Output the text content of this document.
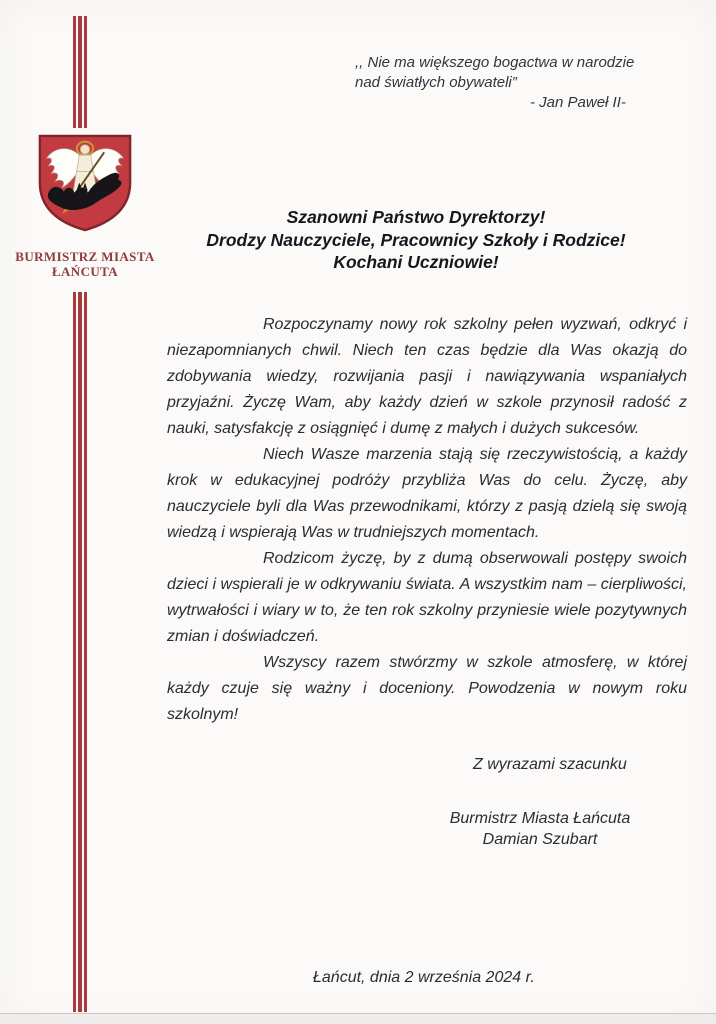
,, Nie ma większego bogactwa w narodzie
nad światłych obywateli”
- Jan Paweł II-
BURMISTRZ MIASTA
ŁAŃCUTA
Szanowni Państwo Dyrektorzy!
Drodzy Nauczyciele, Pracownicy Szkoły i Rodzice!
Kochani Uczniowie!

Rozpoczynamy nowy rok szkolny pełen wyzwań, odkryć i niezapomnianych chwil. Niech ten czas będzie dla Was okazją do zdobywania wiedzy, rozwijania pasji i nawiązywania wspaniałych przyjaźni. Życzę Wam, aby każdy dzień w szkole przynosił radość z nauki, satysfakcję z osiągnięć i dumę z małych i dużych sukcesów.

Niech Wasze marzenia stają się rzeczywistością, a każdy krok w edukacyjnej podróży przybliża Was do celu. Życzę, aby nauczyciele byli dla Was przewodnikami, którzy z pasją dzielą się swoją wiedzą i wspierają Was w trudniejszych momentach.

Rodzicom życzę, by z dumą obserwowali postępy swoich dzieci i wspierali je w odkrywaniu świata. A wszystkim nam – cierpliwości, wytrwałości i wiary w to, że ten rok szkolny przyniesie wiele pozytywnych zmian i doświadczeń.

Wszyscy razem stwórzmy w szkole atmosferę, w której każdy czuje się ważny i doceniony. Powodzenia w nowym roku szkolnym!

Z wyrazami szacunku
Burmistrz Miasta Łańcuta
Damian Szubart
Łańcut, dnia 2 września 2024 r.
